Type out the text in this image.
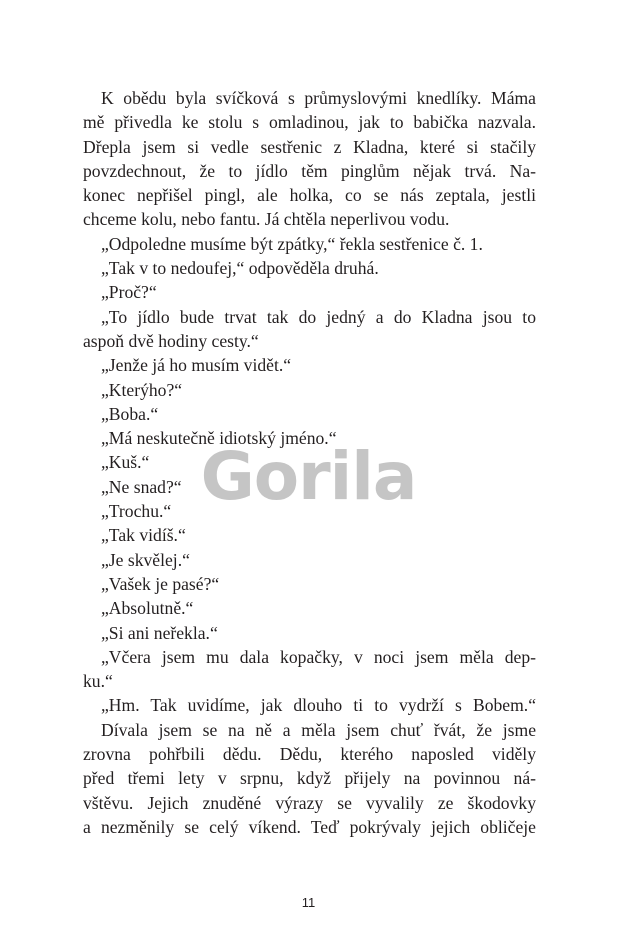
K obědu byla svíčková s průmyslovými knedlíky. Máma
mě přivedla ke stolu s omladinou, jak to babička nazvala.
Dřepla jsem si vedle sestřenic z Kladna, které si stačily
povzdechnout, že to jídlo těm pinglům nějak trvá. Na-
konec nepřišel pingl, ale holka, co se nás zeptala, jestli
chceme kolu, nebo fantu. Já chtěla neperlivou vodu.
„Odpoledne musíme být zpátky,“ řekla sestřenice č. 1.
„Tak v to nedoufej,“ odpověděla druhá.
„Proč?“
„To jídlo bude trvat tak do jedný a do Kladna jsou to
aspoň dvě hodiny cesty.“
„Jenže já ho musím vidět.“
„Kterýho?“
„Boba.“
„Má neskutečně idiotský jméno.“
„Kuš.“
„Ne snad?“
„Trochu.“
„Tak vidíš.“
„Je skvělej.“
„Vašek je pasé?“
„Absolutně.“
„Si ani neřekla.“
„Včera jsem mu dala kopačky, v noci jsem měla dep-
ku.“
„Hm. Tak uvidíme, jak dlouho ti to vydrží s Bobem.“
Dívala jsem se na ně a měla jsem chuť řvát, že jsme
zrovna pohřbili dědu. Dědu, kterého naposled viděly
před třemi lety v srpnu, když přijely na povinnou ná-
vštěvu. Jejich znuděné výrazy se vyvalily ze škodovky
a nezměnily se celý víkend. Teď pokrývaly jejich obličeje
Gorila
11
